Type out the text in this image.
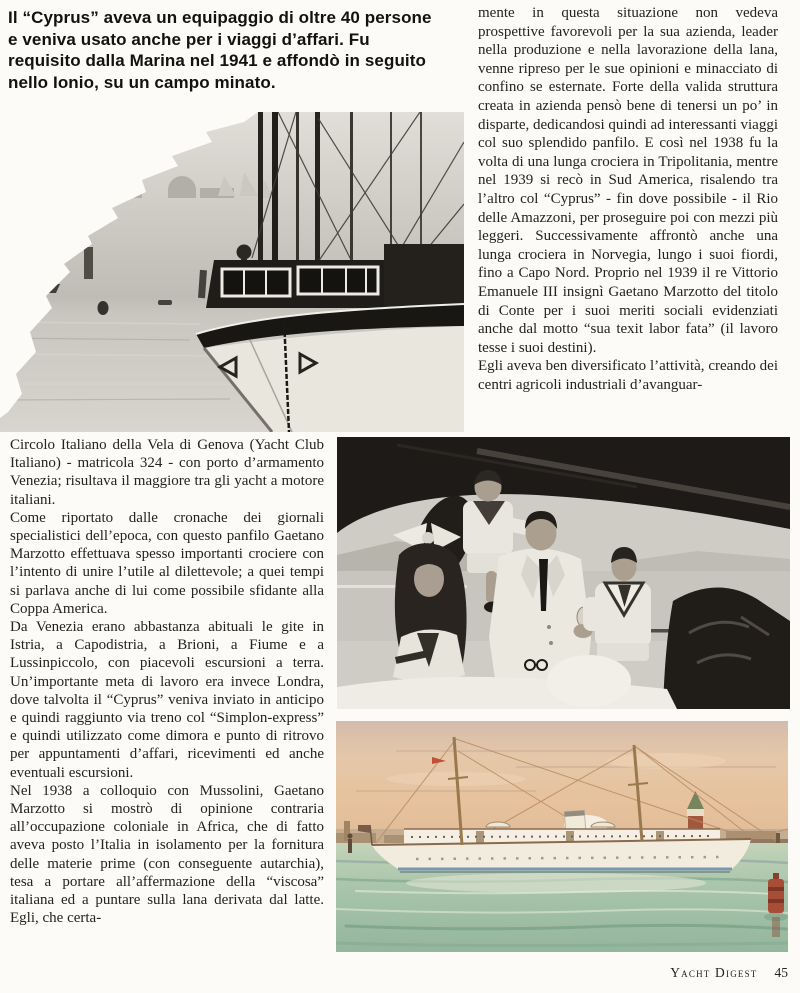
Il “Cyprus” aveva un equipaggio di oltre 40 persone e veniva usato anche per i viaggi d’affari. Fu requisito dalla Marina nel 1941 e affondò in seguito nello Ionio, su un campo minato.

mente in questa situazione non vedeva prospettive favorevoli per la sua azienda, leader nella produzione e nella lavorazione della lana, venne ripreso per le sue opinioni e minacciato di confino se esternate. Forte della valida struttura creata in azienda pensò bene di tenersi un po’ in disparte, dedicandosi quindi ad interessanti viaggi col suo splendido panfilo. E così nel 1938 fu la volta di una lunga crociera in Tripolitania, mentre nel 1939 si recò in Sud America, risalendo tra l’altro col “Cyprus” - fin dove possibile - il Rio delle Amazzoni, per proseguire poi con mezzi più leggeri. Successivamente affrontò anche una lunga crociera in Norvegia, lungo i suoi fiordi, fino a Capo Nord. Proprio nel 1939 il re Vittorio Emanuele III insignì Gaetano Marzotto del titolo di Conte per i suoi meriti sociali evidenziati anche dal motto “sua texit labor fata” (il lavoro tesse i suoi destini).

Egli aveva ben diversificato l’attività, creando dei centri agricoli industriali d’avanguar-

Circolo Italiano della Vela di Genova (Yacht Club Italiano) - matricola 324 - con porto d’armamento Venezia; risultava il maggiore tra gli yacht a motore italiani.

Come riportato dalle cronache dei giornali specialistici dell’epoca, con questo panfilo Gaetano Marzotto effettuava spesso importanti crociere con l’intento di unire l’utile al dilettevole; a quei tempi si parlava anche di lui come possibile sfidante alla Coppa America.

Da Venezia erano abbastanza abituali le gite in Istria, a Capodistria, a Brioni, a Fiume e a Lussinpiccolo, con piacevoli escursioni a terra. Un’importante meta di lavoro era invece Londra, dove talvolta il “Cyprus” veniva inviato in anticipo e quindi raggiunto via treno col “Simplon-express” e quindi utilizzato come dimora e punto di ritrovo per appuntamenti d’affari, ricevimenti ed anche eventuali escursioni.

Nel 1938 a colloquio con Mussolini, Gaetano Marzotto si mostrò di opinione contraria all’occupazione coloniale in Africa, che di fatto aveva posto l’Italia in isolamento per la fornitura delle materie prime (con conseguente autarchia), tesa a portare all’affermazione della “viscosa” italiana ed a puntare sulla lana derivata dal latte. Egli, che certa-

Yacht Digest 45
